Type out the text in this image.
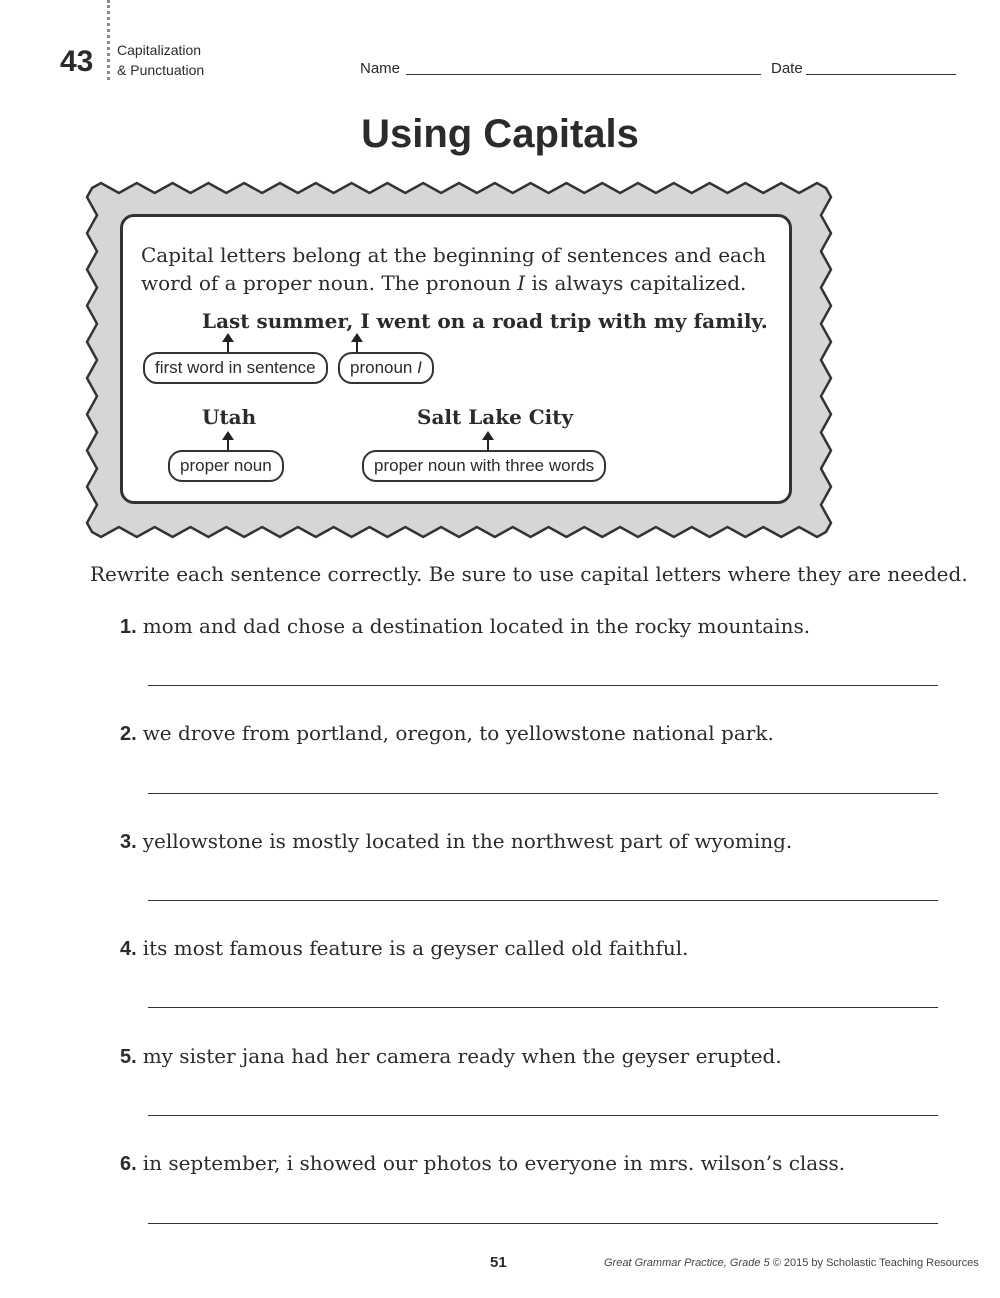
43 Capitalization
& Punctuation	Name	Date
Using Capitals
Capital letters belong at the beginning of sentences and each word of a proper noun. The pronoun I is always capitalized.
Last summer, I went on a road trip with my family.
first word in sentence	pronoun I
Utah
proper noun
Salt Lake City
proper noun with three words
Rewrite each sentence correctly. Be sure to use capital letters where they are needed.
1. mom and dad chose a destination located in the rocky mountains.
2. we drove from portland, oregon, to yellowstone national park.
3. yellowstone is mostly located in the northwest part of wyoming.
4. its most famous feature is a geyser called old faithful.
5. my sister jana had her camera ready when the geyser erupted.
6. in september, i showed our photos to everyone in mrs. wilson’s class.
51	Great Grammar Practice, Grade 5 © 2015 by Scholastic Teaching Resources
